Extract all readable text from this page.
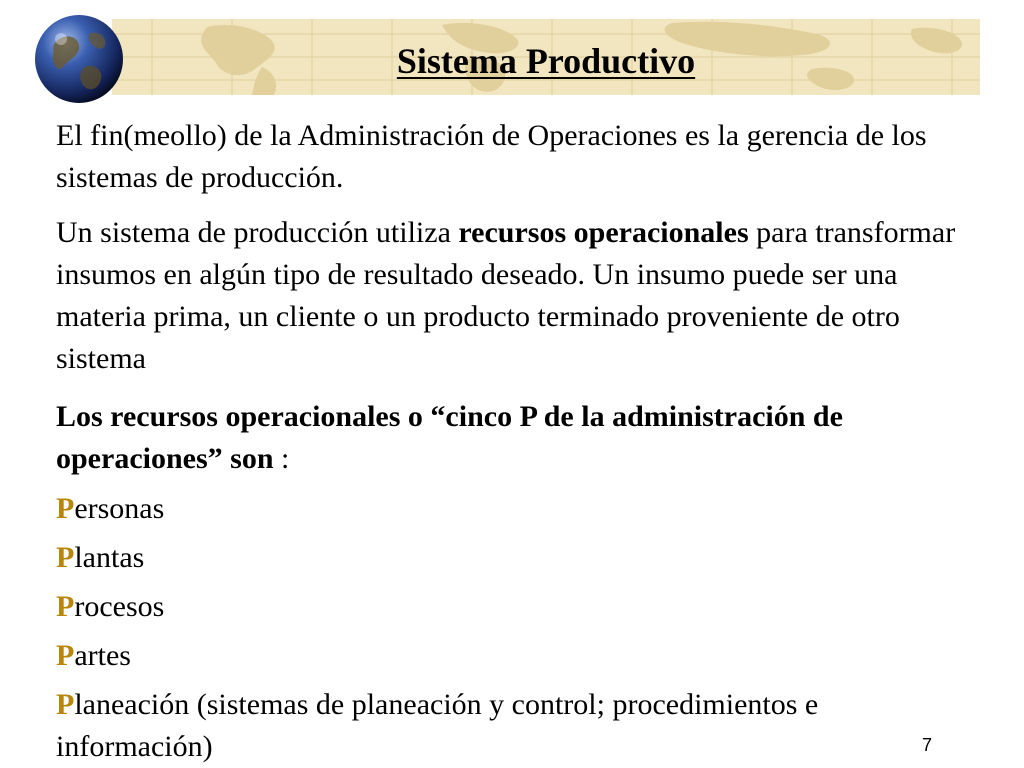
Sistema Productivo

El fin(meollo) de la Administración de Operaciones es la gerencia de los sistemas de producción.

Un sistema de producción utiliza recursos operacionales para transformar insumos en algún tipo de resultado deseado. Un insumo puede ser una materia prima, un cliente o un producto terminado proveniente de otro sistema

Los recursos operacionales o “cinco P de la administración de operaciones” son :

Personas
Plantas
Procesos
Partes
Planeación (sistemas de planeación y control; procedimientos e información)	7
